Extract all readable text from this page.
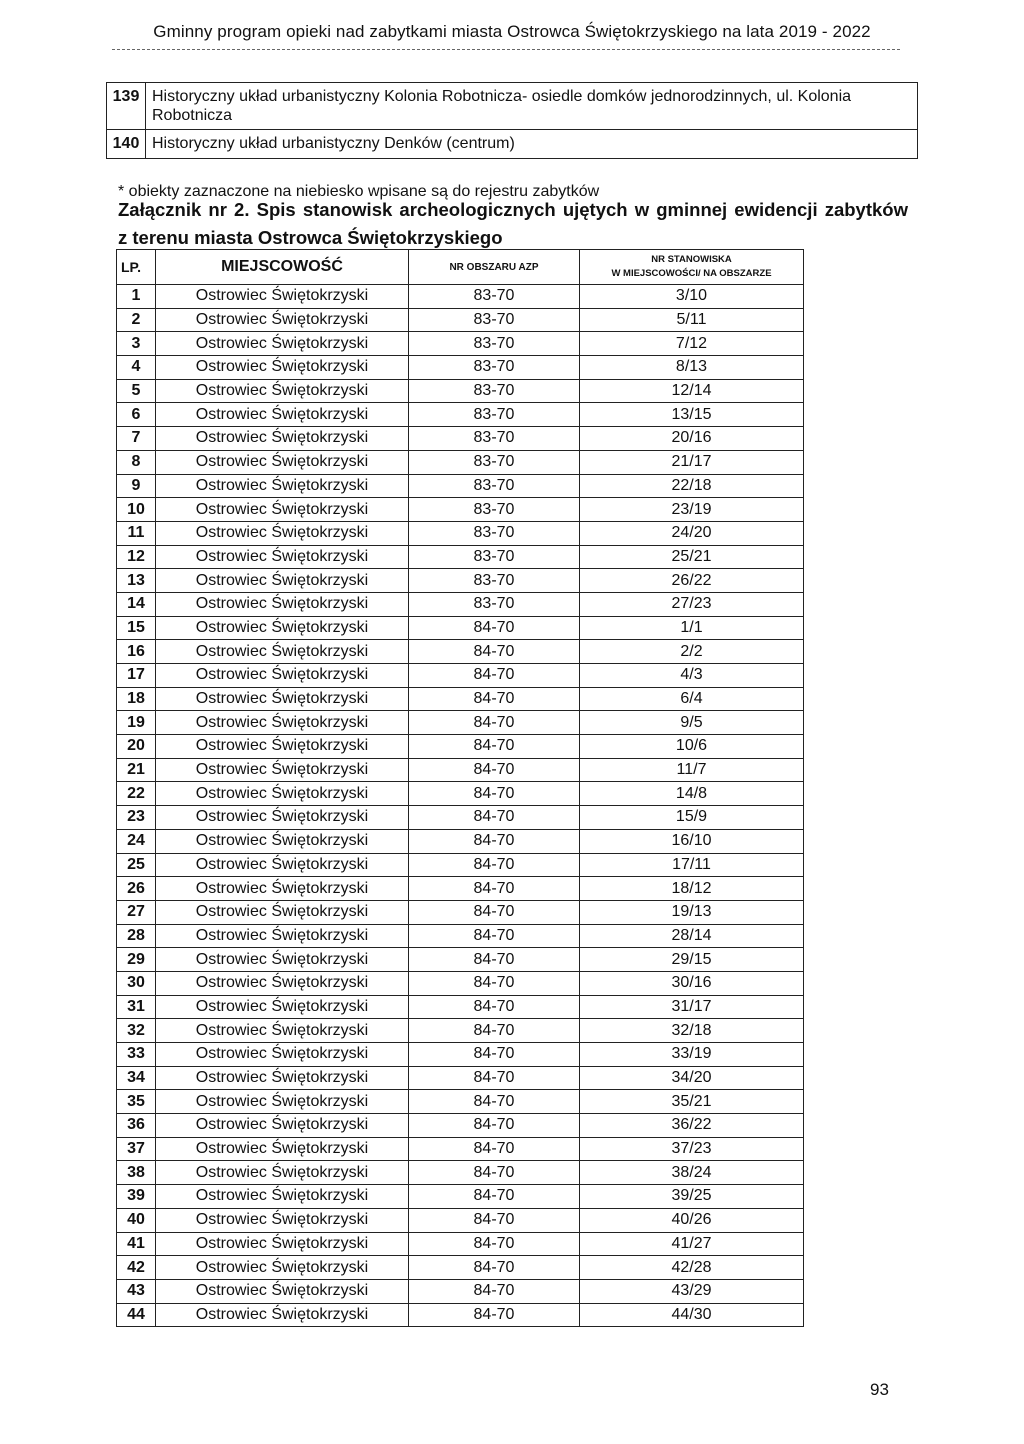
Gminny program opieki nad zabytkami miasta Ostrowca Świętokrzyskiego na lata 2019 - 2022
139	Historyczny układ urbanistyczny Kolonia Robotnicza- osiedle domków jednorodzinnych, ul. Kolonia Robotnicza
140	Historyczny układ urbanistyczny Denków (centrum)
* obiekty zaznaczone na niebiesko wpisane są do rejestru zabytków
Załącznik nr 2. Spis stanowisk archeologicznych ujętych w gminnej ewidencji zabytków
z terenu miasta Ostrowca Świętokrzyskiego
LP.	MIEJSCOWOŚĆ	NR OBSZARU AZP	NR STANOWISKA
W MIEJSCOWOŚCI/ NA OBSZARZE
1	Ostrowiec Świętokrzyski	83-70	3/10
2	Ostrowiec Świętokrzyski	83-70	5/11
3	Ostrowiec Świętokrzyski	83-70	7/12
4	Ostrowiec Świętokrzyski	83-70	8/13
5	Ostrowiec Świętokrzyski	83-70	12/14
6	Ostrowiec Świętokrzyski	83-70	13/15
7	Ostrowiec Świętokrzyski	83-70	20/16
8	Ostrowiec Świętokrzyski	83-70	21/17
9	Ostrowiec Świętokrzyski	83-70	22/18
10	Ostrowiec Świętokrzyski	83-70	23/19
11	Ostrowiec Świętokrzyski	83-70	24/20
12	Ostrowiec Świętokrzyski	83-70	25/21
13	Ostrowiec Świętokrzyski	83-70	26/22
14	Ostrowiec Świętokrzyski	83-70	27/23
15	Ostrowiec Świętokrzyski	84-70	1/1
16	Ostrowiec Świętokrzyski	84-70	2/2
17	Ostrowiec Świętokrzyski	84-70	4/3
18	Ostrowiec Świętokrzyski	84-70	6/4
19	Ostrowiec Świętokrzyski	84-70	9/5
20	Ostrowiec Świętokrzyski	84-70	10/6
21	Ostrowiec Świętokrzyski	84-70	11/7
22	Ostrowiec Świętokrzyski	84-70	14/8
23	Ostrowiec Świętokrzyski	84-70	15/9
24	Ostrowiec Świętokrzyski	84-70	16/10
25	Ostrowiec Świętokrzyski	84-70	17/11
26	Ostrowiec Świętokrzyski	84-70	18/12
27	Ostrowiec Świętokrzyski	84-70	19/13
28	Ostrowiec Świętokrzyski	84-70	28/14
29	Ostrowiec Świętokrzyski	84-70	29/15
30	Ostrowiec Świętokrzyski	84-70	30/16
31	Ostrowiec Świętokrzyski	84-70	31/17
32	Ostrowiec Świętokrzyski	84-70	32/18
33	Ostrowiec Świętokrzyski	84-70	33/19
34	Ostrowiec Świętokrzyski	84-70	34/20
35	Ostrowiec Świętokrzyski	84-70	35/21
36	Ostrowiec Świętokrzyski	84-70	36/22
37	Ostrowiec Świętokrzyski	84-70	37/23
38	Ostrowiec Świętokrzyski	84-70	38/24
39	Ostrowiec Świętokrzyski	84-70	39/25
40	Ostrowiec Świętokrzyski	84-70	40/26
41	Ostrowiec Świętokrzyski	84-70	41/27
42	Ostrowiec Świętokrzyski	84-70	42/28
43	Ostrowiec Świętokrzyski	84-70	43/29
44	Ostrowiec Świętokrzyski	84-70	44/30
93
